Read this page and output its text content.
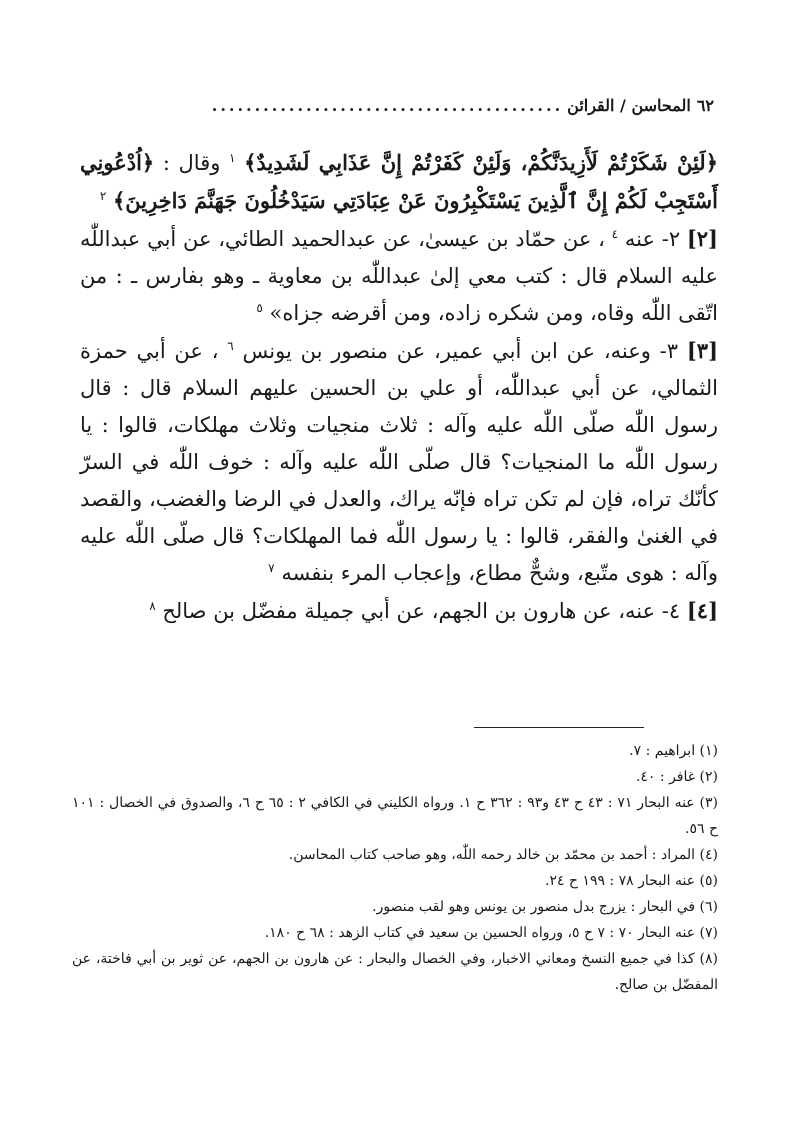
٦٢
المحاسن / القرائن
.........................................

﴿لَئِنْ شَكَرْتُمْ لَأَزِيدَنَّكُمْ، وَلَئِنْ كَفَرْتُمْ إِنَّ عَذَابِي لَشَدِيدٌ﴾ $^١$ وقال : ﴿اُدْعُونِي أَسْتَجِبْ لَكُمْ إِنَّ ٱلَّذِينَ يَسْتَكْبِرُونَ عَنْ عِبَادَتِي سَيَدْخُلُونَ جَهَنَّمَ دَاخِرِينَ﴾ $^٢$

[٢] ٢- عنه $^٤$ ، عن حمّاد بن عيسىٰ، عن عبدالحميد الطائي، عن أبي عبداللّٰه عليه السلام قال : كتب معي إلىٰ عبداللّٰه بن معاوية ـ وهو بفارس ـ : من اتّقى اللّٰه وقاه، ومن شكره زاده، ومن أقرضه جزاه» $^٥$

[٣] ٣- وعنه، عن ابن أبي عمير، عن منصور بن يونس $^٦$ ، عن أبي حمزة الثمالي، عن أبي عبداللّٰه، أو علي بن الحسين عليهم السلام قال : قال رسول اللّٰه صلّى اللّٰه عليه وآله : ثلاث منجيات وثلاث مهلكات، قالوا : يا رسول اللّٰه ما المنجيات؟ قال صلّى اللّٰه عليه وآله : خوف اللّٰه في السرّ كأنّك تراه، فإن لم تكن تراه فإنّه يراك، والعدل في الرضا والغضب، والقصد في الغنىٰ والفقر، قالوا : يا رسول اللّٰه فما المهلكات؟ قال صلّى اللّٰه عليه وآله : هوى متّبع، وشحٌّ مطاع، وإعجاب المرء بنفسه $^٧$

[٤] ٤- عنه، عن هارون بن الجهم، عن أبي جميلة مفضّل بن صالح $^٨$

(١) ابراهيم : ٧.

(٢) غافر : ٤٠.

(٣) عنه البحار ٧١ : ٤٣ ح ٤٣ و٩٣ : ٣٦٢ ح ١. ورواه الكليني في الكافي ٢ : ٦٥ ح ٦، والصدوق في الخصال : ١٠١ ح ٥٦.

(٤) المراد : أحمد بن محمّد بن خالد رحمه اللّٰه، وهو صاحب كتاب المحاسن.

(٥) عنه البحار ٧٨ : ١٩٩ ح ٢٤.

(٦) في البحار : يزرج بدل منصور بن يونس وهو لقب منصور.

(٧) عنه البحار ٧٠ : ٧ ح ٥، ورواه الحسين بن سعيد في كتاب الزهد : ٦٨ ح ١٨٠.

(٨) كذا في جميع النسخ ومعاني الاخبار، وفي الخصال والبحار : عن هارون بن الجهم، عن ثوير بن أبي فاختة، عن المفضّل بن صالح.
